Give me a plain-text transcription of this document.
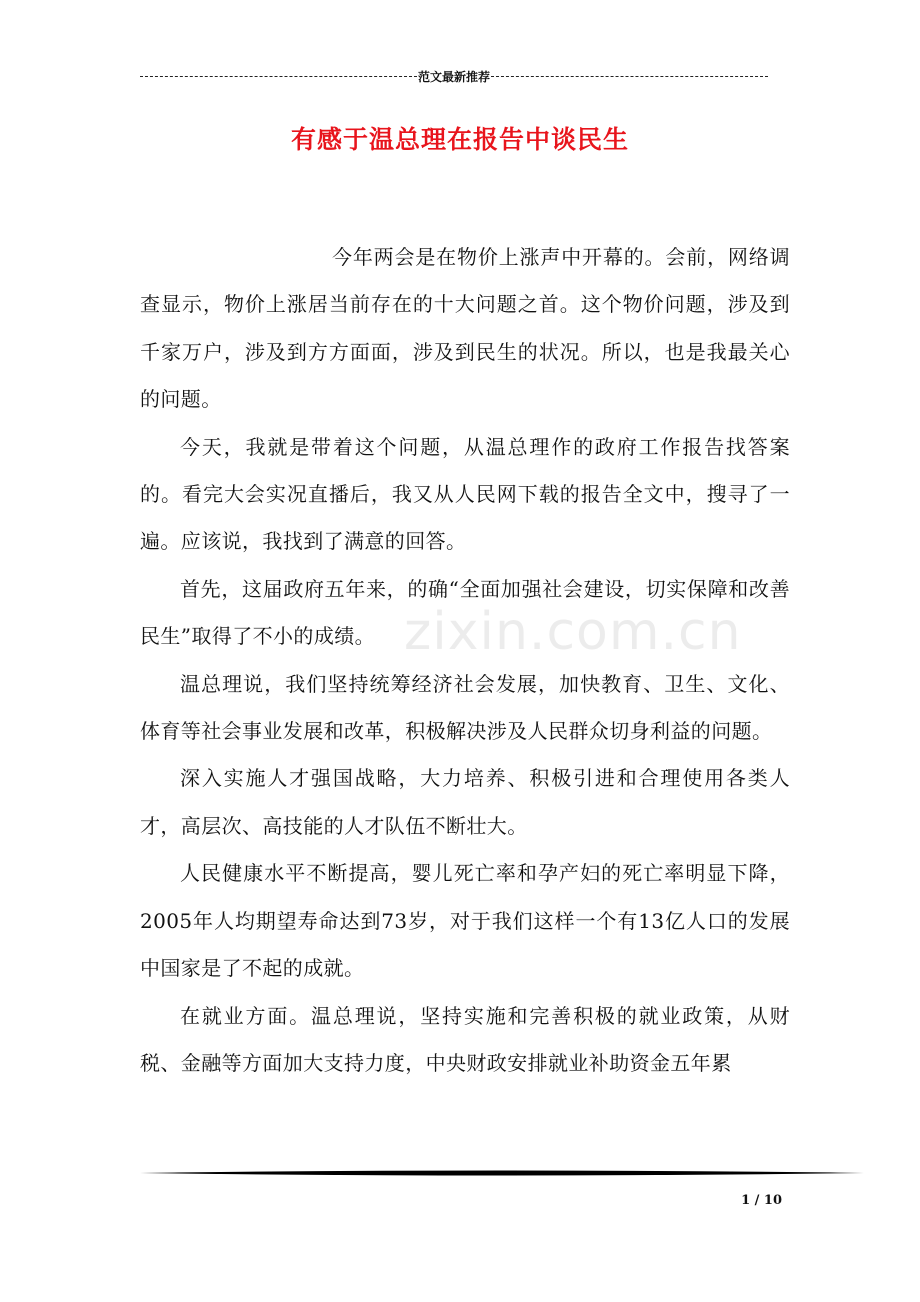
范文最新推荐
有感于温总理在报告中谈民生

今年两会是在物价上涨声中开幕的。会前，网络调查显示，物价上涨居当前存在的十大问题之首。这个物价问题，涉及到千家万户，涉及到方方面面，涉及到民生的状况。所以，也是我最关心的问题。

今天，我就是带着这个问题，从温总理作的政府工作报告找答案的。看完大会实况直播后，我又从人民网下载的报告全文中，搜寻了一遍。应该说，我找到了满意的回答。

首先，这届政府五年来，的确“全面加强社会建设，切实保障和改善民生”取得了不小的成绩。

温总理说，我们坚持统筹经济社会发展，加快教育、卫生、文化、体育等社会事业发展和改革，积极解决涉及人民群众切身利益的问题。

深入实施人才强国战略，大力培养、积极引进和合理使用各类人才，高层次、高技能的人才队伍不断壮大。

人民健康水平不断提高，婴儿死亡率和孕产妇的死亡率明显下降，2005年人均期望寿命达到73岁，对于我们这样一个有13亿人口的发展中国家是了不起的成就。

在就业方面。温总理说，坚持实施和完善积极的就业政策，从财税、金融等方面加大支持力度，中央财政安排就业补助资金五年累

zixin.com.cn
1 / 10
